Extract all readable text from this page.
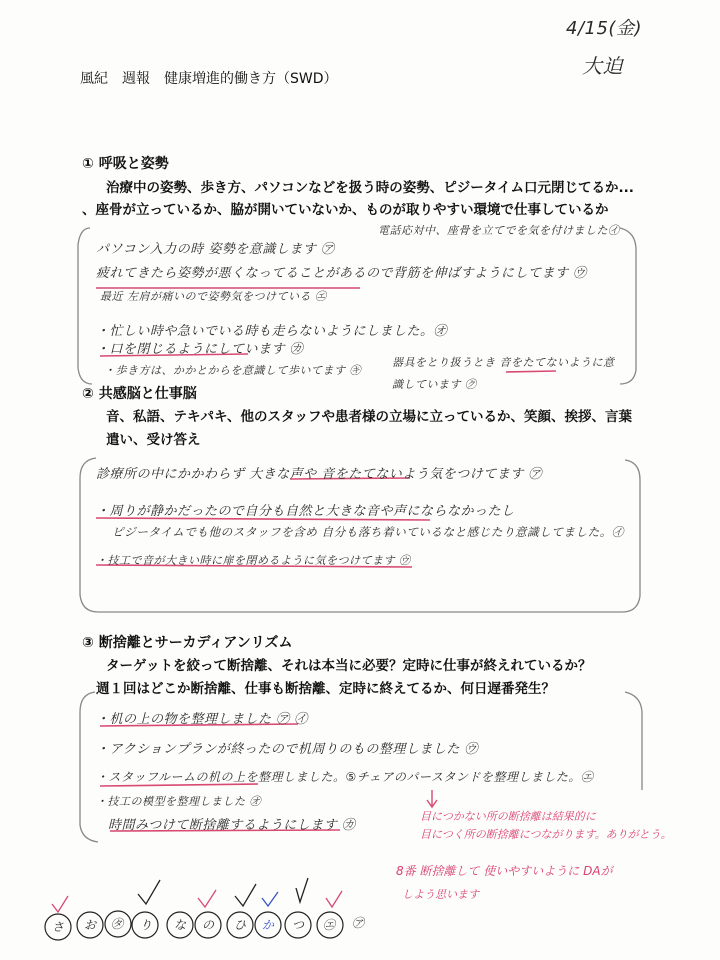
4/15(金)
大迫
風紀　週報　健康増進的働き方（SWD）
① 呼吸と姿勢
治療中の姿勢、歩き方、パソコンなどを扱う時の姿勢、ピジータイム口元閉じてるか...
、座骨が立っているか、脇が開いていないか、ものが取りやすい環境で仕事しているか
電話応対中、座骨を立てでを気を付けました㋑
パソコン入力の時 姿勢を意識します ㋐
疲れてきたら姿勢が悪くなってることがあるので背筋を伸ばすようにしてます ㋒
最近 左肩が痛いので姿勢気をつけている ㋓
・忙しい時や急いでいる時も走らないようにしました。㋔
・口を閉じるようにしています ㋕
・歩き方は、かかとからを意識して歩いてます ㋖
器具をとり扱うとき 音をたてないように意識しています ㋗
② 共感脳と仕事脳
音、私語、テキパキ、他のスタッフや患者様の立場に立っているか、笑顔、挨拶、言葉
遣い、受け答え
診療所の中にかかわらず 大きな声や 音をたてないよう気をつけてます ㋐
・周りが静かだったので自分も自然と大きな音や声にならなかったし
ピジータイムでも他のスタッフを含め 自分も落ち着いているなと感じたり意識してました。㋑
・技工で音が大きい時に扉を閉めるように気をつけてます ㋒
③ 断捨離とサーカディアンリズム
ターゲットを絞って断捨離、それは本当に必要？定時に仕事が終えれているか？
週１回はどこか断捨離、仕事も断捨離、定時に終えてるか、何日遅番発生？
・机の上の物を整理しました ㋐ ㋑
・アクションプランが終ったので机周りのもの整理しました ㋒
・スタッフルームの机の上を整理しました。⑤チェアのパースタンドを整理しました。㋓
・技工の模型を整理しました ㋔
時間みつけて断捨離するようにします ㋕
目につかない所の断捨離は結果的に
目につく所の断捨離につながります。ありがとう。
8番 断捨離して 使いやすいように DAが
しよう思います
さ お ㋟ り な の ひ か つ ㋓ ㋐
